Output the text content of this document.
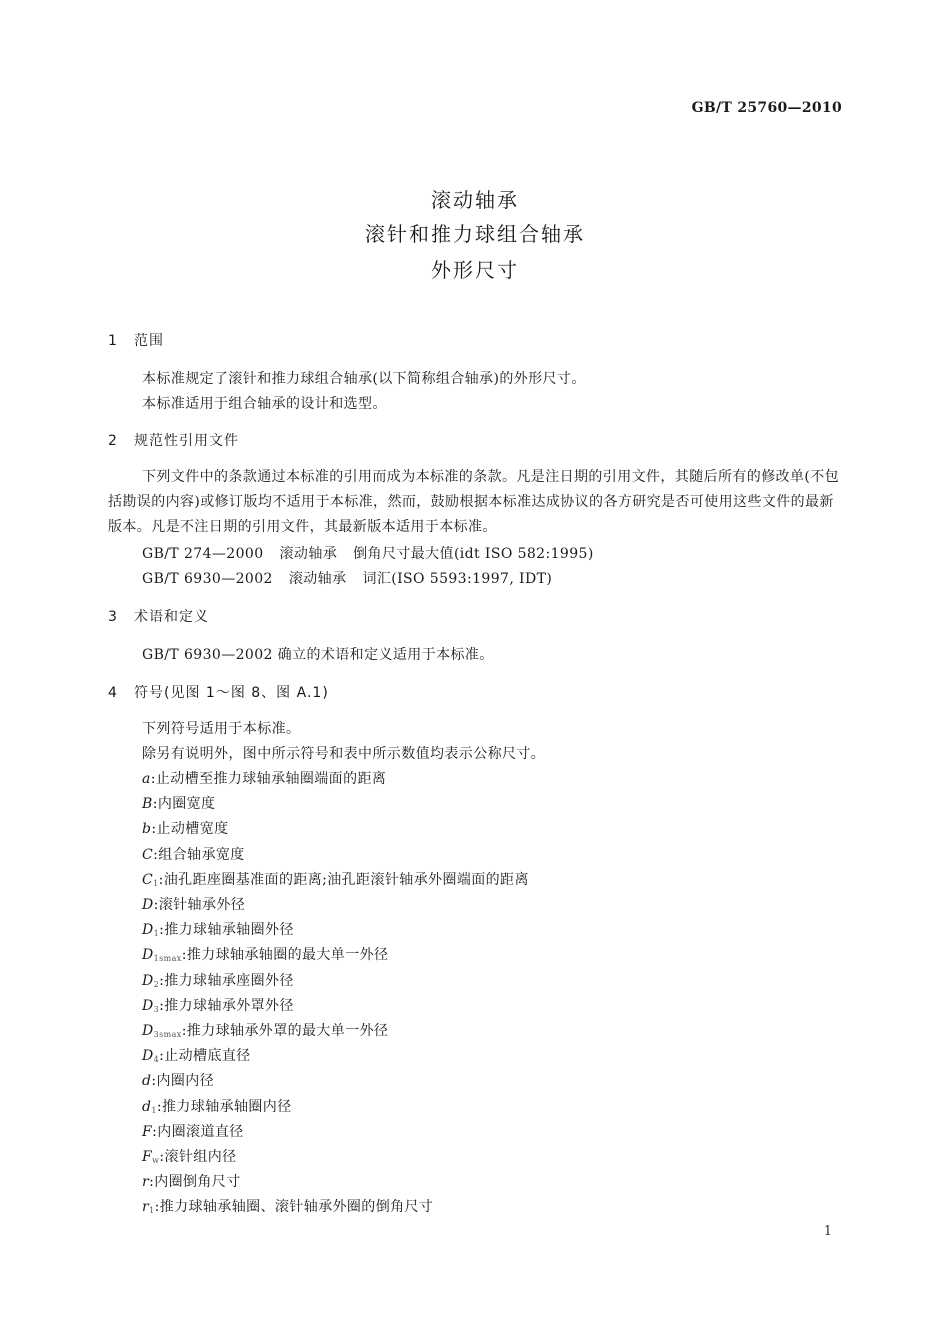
GB/T 25760—2010
滚动轴承
滚针和推力球组合轴承
外形尺寸
1 范围
本标准规定了滚针和推力球组合轴承(以下简称组合轴承)的外形尺寸。
本标准适用于组合轴承的设计和选型。
2 规范性引用文件
下列文件中的条款通过本标准的引用而成为本标准的条款。凡是注日期的引用文件，其随后所有的修改单(不包括勘误的内容)或修订版均不适用于本标准，然而，鼓励根据本标准达成协议的各方研究是否可使用这些文件的最新版本。凡是不注日期的引用文件，其最新版本适用于本标准。
GB/T 274—2000 滚动轴承 倒角尺寸最大值(idt ISO 582:1995)
GB/T 6930—2002 滚动轴承 词汇(ISO 5593:1997, IDT)
3 术语和定义
GB/T 6930—2002 确立的术语和定义适用于本标准。
4 符号(见图 1～图 8、图 A.1)
下列符号适用于本标准。
除另有说明外，图中所示符号和表中所示数值均表示公称尺寸。
a:止动槽至推力球轴承轴圈端面的距离
B:内圈宽度
b:止动槽宽度
C:组合轴承宽度
$C_1$:油孔距座圈基准面的距离;油孔距滚针轴承外圈端面的距离
D:滚针轴承外径
$D_1$:推力球轴承轴圈外径
$D_{1smax}$:推力球轴承轴圈的最大单一外径
$D_2$:推力球轴承座圈外径
$D_3$:推力球轴承外罩外径
$D_{3smax}$:推力球轴承外罩的最大单一外径
$D_4$:止动槽底直径
d:内圈内径
$d_1$:推力球轴承轴圈内径
F:内圈滚道直径
$F_w$:滚针组内径
r:内圈倒角尺寸
$r_1$:推力球轴承轴圈、滚针轴承外圈的倒角尺寸
1
